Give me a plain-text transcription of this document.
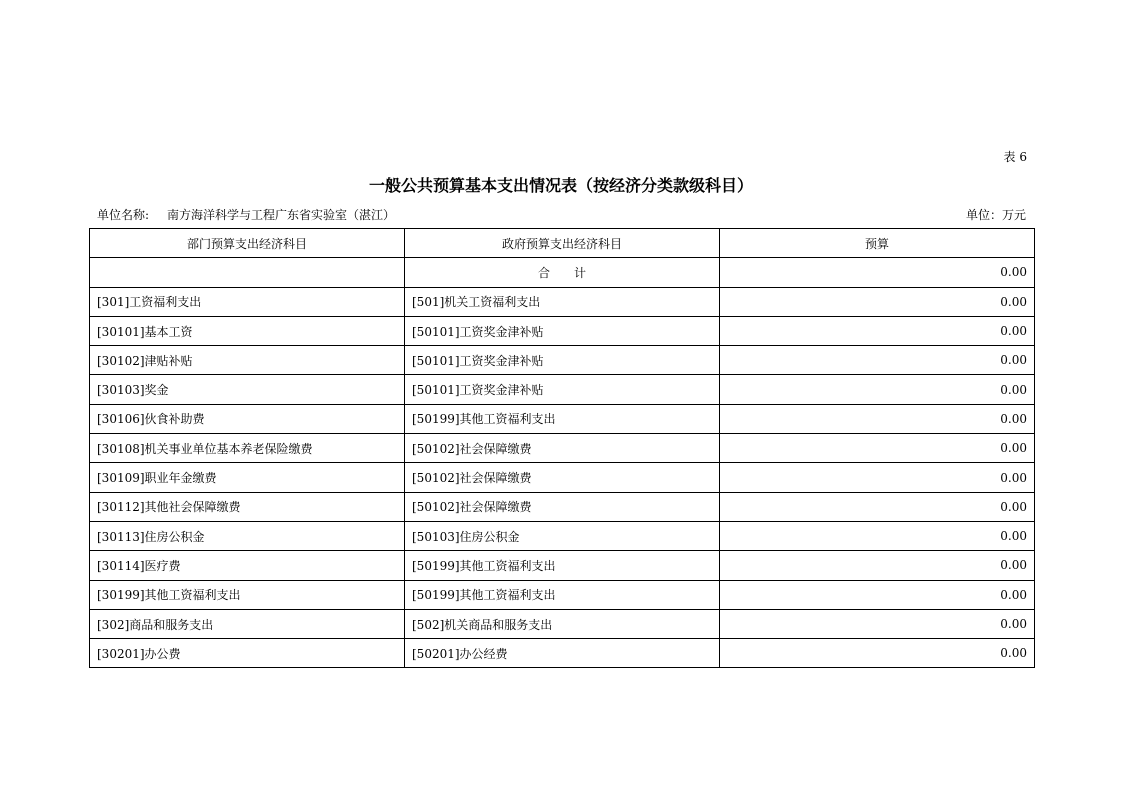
表 6
一般公共预算基本支出情况表（按经济分类款级科目）
单位名称: 南方海洋科学与工程广东省实验室（湛江）	单位：万元
部门预算支出经济科目	政府预算支出经济科目	预算
	合　　计	0.00
[301]工资福利支出	[501]机关工资福利支出	0.00
[30101]基本工资	[50101]工资奖金津补贴	0.00
[30102]津贴补贴	[50101]工资奖金津补贴	0.00
[30103]奖金	[50101]工资奖金津补贴	0.00
[30106]伙食补助费	[50199]其他工资福利支出	0.00
[30108]机关事业单位基本养老保险缴费	[50102]社会保障缴费	0.00
[30109]职业年金缴费	[50102]社会保障缴费	0.00
[30112]其他社会保障缴费	[50102]社会保障缴费	0.00
[30113]住房公积金	[50103]住房公积金	0.00
[30114]医疗费	[50199]其他工资福利支出	0.00
[30199]其他工资福利支出	[50199]其他工资福利支出	0.00
[302]商品和服务支出	[502]机关商品和服务支出	0.00
[30201]办公费	[50201]办公经费	0.00
